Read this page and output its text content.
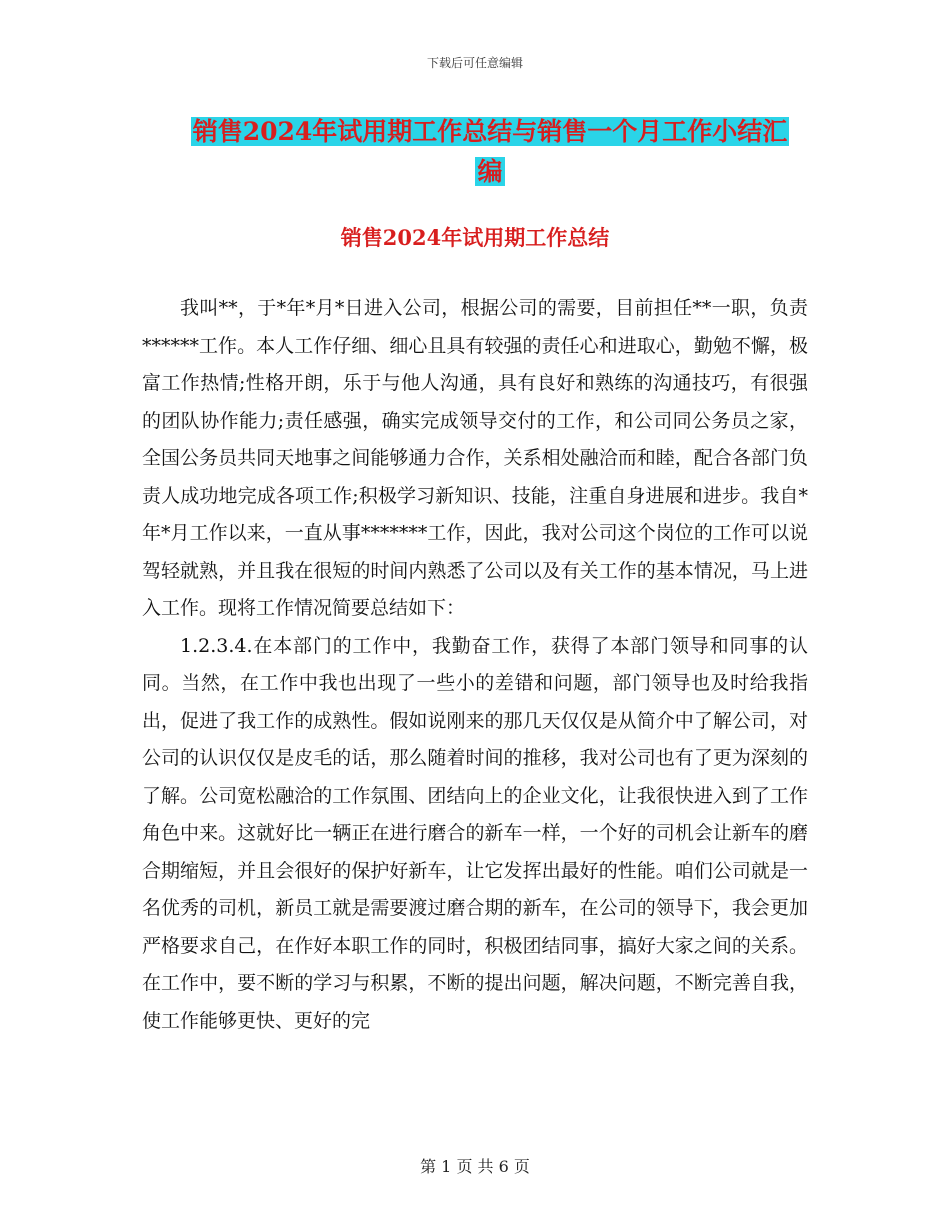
下载后可任意编辑
销售2024年试用期工作总结与销售一个月工作小结汇
编
销售2024年试用期工作总结

我叫**，于*年*月*日进入公司，根据公司的需要，目前担任**一职，负责******工作。本人工作仔细、细心且具有较强的责任心和进取心，勤勉不懈，极富工作热情;性格开朗，乐于与他人沟通，具有良好和熟练的沟通技巧，有很强的团队协作能力;责任感强，确实完成领导交付的工作，和公司同公务员之家，全国公务员共同天地事之间能够通力合作，关系相处融洽而和睦，配合各部门负责人成功地完成各项工作;积极学习新知识、技能，注重自身进展和进步。我自*年*月工作以来，一直从事*******工作，因此，我对公司这个岗位的工作可以说驾轻就熟，并且我在很短的时间内熟悉了公司以及有关工作的基本情况，马上进入工作。现将工作情况简要总结如下：

1.2.3.4.在本部门的工作中，我勤奋工作，获得了本部门领导和同事的认同。当然，在工作中我也出现了一些小的差错和问题，部门领导也及时给我指出，促进了我工作的成熟性。假如说刚来的那几天仅仅是从简介中了解公司，对公司的认识仅仅是皮毛的话，那么随着时间的推移，我对公司也有了更为深刻的了解。公司宽松融洽的工作氛围、团结向上的企业文化，让我很快进入到了工作角色中来。这就好比一辆正在进行磨合的新车一样，一个好的司机会让新车的磨合期缩短，并且会很好的保护好新车，让它发挥出最好的性能。咱们公司就是一名优秀的司机，新员工就是需要渡过磨合期的新车，在公司的领导下，我会更加严格要求自己，在作好本职工作的同时，积极团结同事，搞好大家之间的关系。在工作中，要不断的学习与积累，不断的提出问题，解决问题，不断完善自我，使工作能够更快、更好的完

第 1 页 共 6 页
